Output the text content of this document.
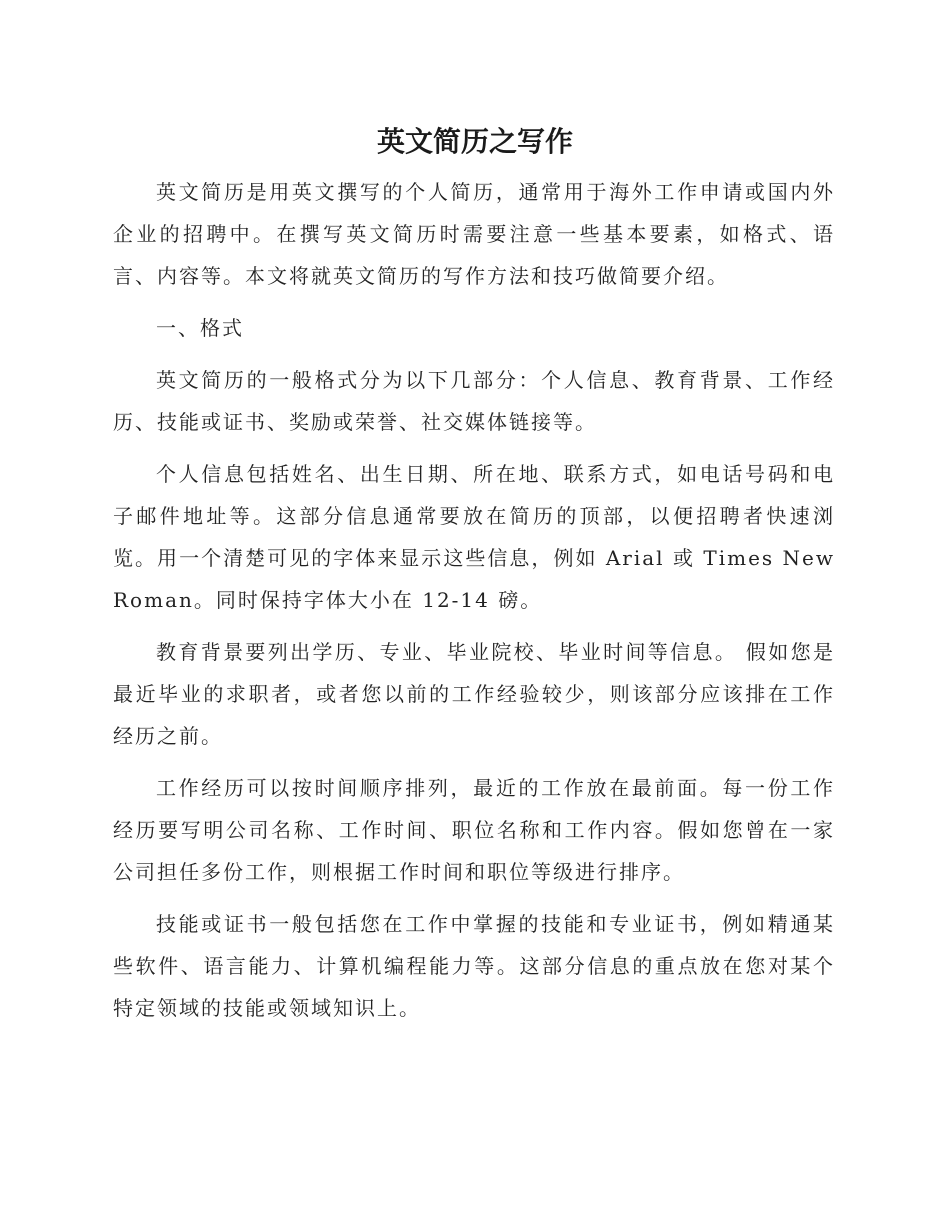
英文简历之写作

英文简历是用英文撰写的个人简历，通常用于海外工作申请或国内外企业的招聘中。在撰写英文简历时需要注意一些基本要素，如格式、语言、内容等。本文将就英文简历的写作方法和技巧做简要介绍。

一、格式

英文简历的一般格式分为以下几部分：个人信息、教育背景、工作经历、技能或证书、奖励或荣誉、社交媒体链接等。

个人信息包括姓名、出生日期、所在地、联系方式，如电话号码和电子邮件地址等。这部分信息通常要放在简历的顶部，以便招聘者快速浏览。用一个清楚可见的字体来显示这些信息，例如 Arial 或 Times New Roman。同时保持字体大小在 12-14 磅。

教育背景要列出学历、专业、毕业院校、毕业时间等信息。 假如您是最近毕业的求职者，或者您以前的工作经验较少，则该部分应该排在工作经历之前。

工作经历可以按时间顺序排列，最近的工作放在最前面。每一份工作经历要写明公司名称、工作时间、职位名称和工作内容。假如您曾在一家公司担任多份工作，则根据工作时间和职位等级进行排序。

技能或证书一般包括您在工作中掌握的技能和专业证书，例如精通某些软件、语言能力、计算机编程能力等。这部分信息的重点放在您对某个特定领域的技能或领域知识上。
